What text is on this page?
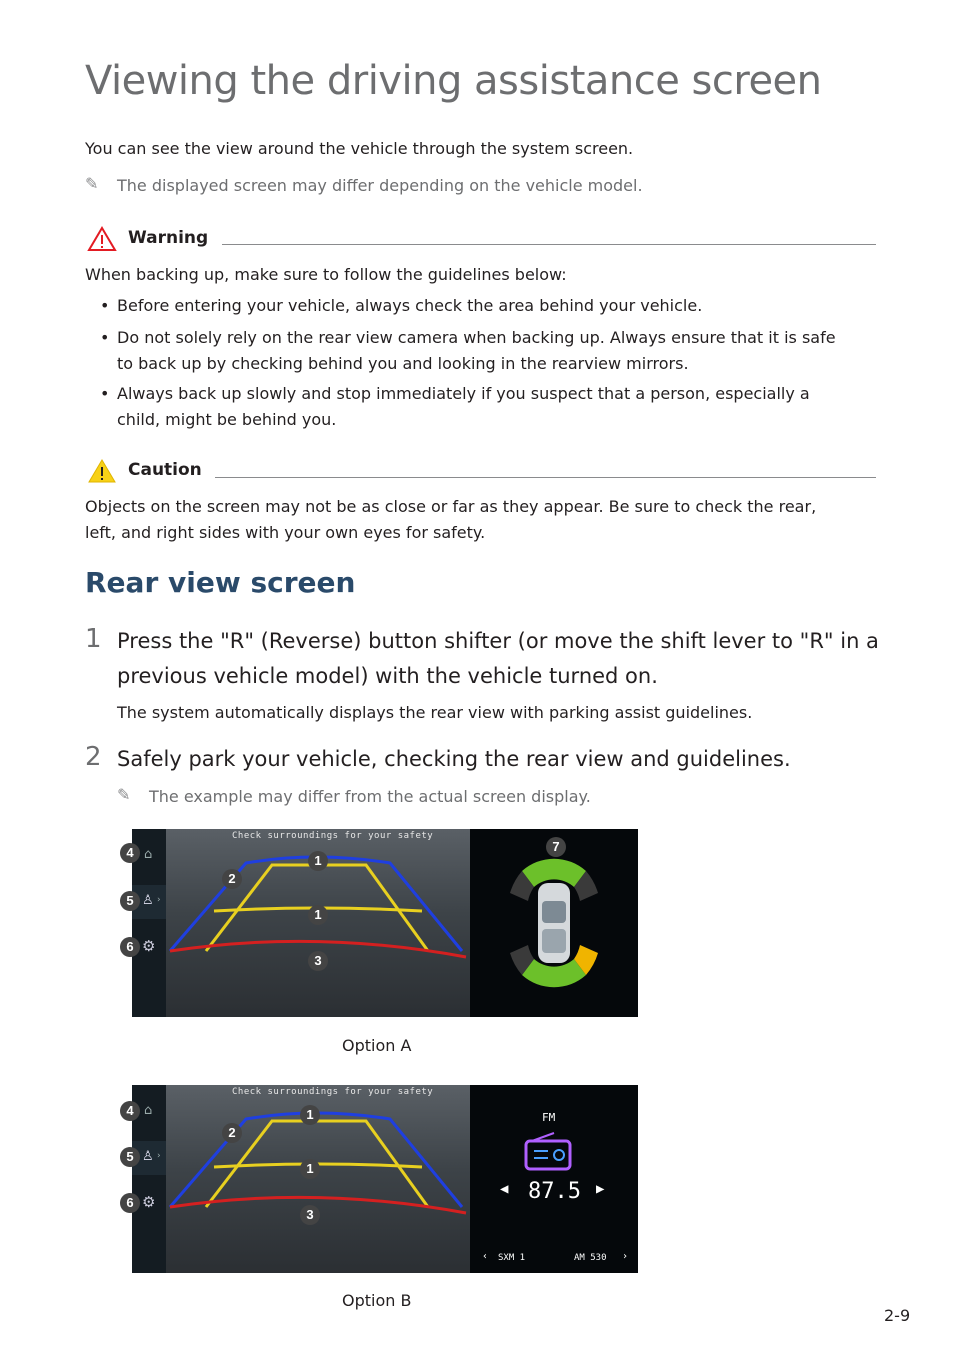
Viewing the driving assistance screen
You can see the view around the vehicle through the system screen.
✎ The displayed screen may differ depending on the vehicle model.
Warning
When backing up, make sure to follow the guidelines below:
• Before entering your vehicle, always check the area behind your vehicle.
• Do not solely rely on the rear view camera when backing up. Always ensure that it is safe
to back up by checking behind you and looking in the rearview mirrors.
• Always back up slowly and stop immediately if you suspect that a person, especially a
child, might be behind you.
Caution
Objects on the screen may not be as close or far as they appear. Be sure to check the rear,
left, and right sides with your own eyes for safety.
Rear view screen
1 Press the "R" (Reverse) button shifter (or move the shift lever to "R" in a
previous vehicle model) with the vehicle turned on.
The system automatically displays the rear view with parking assist guidelines.
2 Safely park your vehicle, checking the rear view and guidelines.
✎ The example may differ from the actual screen display.
⌂
♙ ›
⚙
Check surroundings for your safety
1
1
2
3
4
5
6
7
Option A
⌂
♙ ›
⚙
Check surroundings for your safety
FM
◀ 87.5 ▶
‹ SXM 1	AM 530 ›
1
1
2
3
4
5
6
Option B
2-9
